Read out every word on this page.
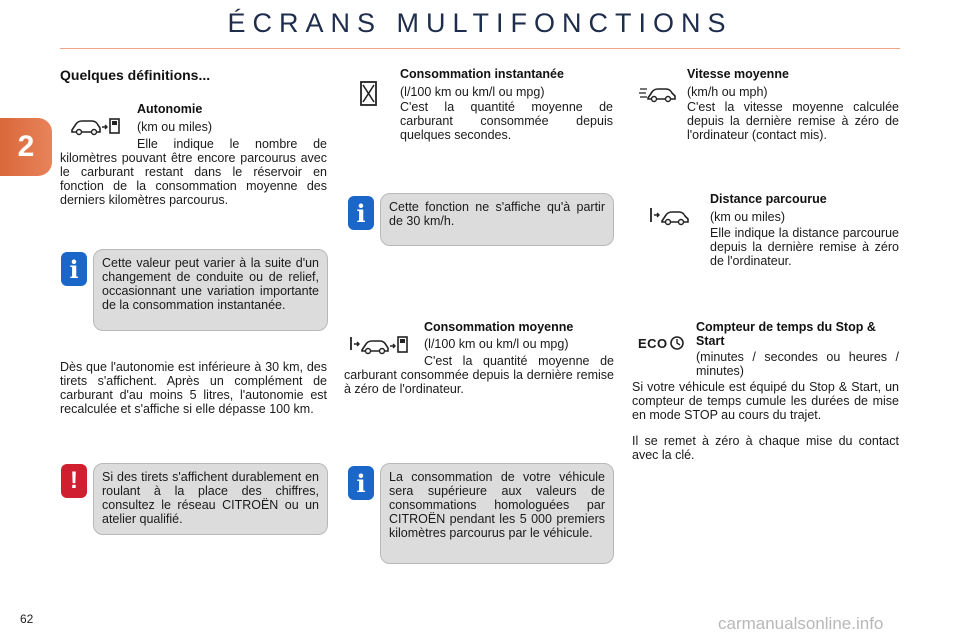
ÉCRANS MULTIFONCTIONS
2
Quelques définitions...
Autonomie
(km ou miles)
Elle indique le nombre de kilomètres pouvant être encore parcourus avec le carburant restant dans le réservoir en fonction de la consommation moyenne des derniers kilomètres parcourus.
i	Cette valeur peut varier à la suite d'un changement de conduite ou de relief, occasionnant une variation importante de la consommation instantanée.
Dès que l'autonomie est inférieure à 30 km, des tirets s'affichent. Après un complément de carburant d'au moins 5 litres, l'autonomie est recalculée et s'affiche si elle dépasse 100 km.
!	Si des tirets s'affichent durablement en roulant à la place des chiffres, consultez le réseau CITROËN ou un atelier qualifié.
Consommation instantanée
(l/100 km ou km/l ou mpg)
C'est la quantité moyenne de carburant consommée depuis quelques secondes.
i	Cette fonction ne s'affiche qu'à partir de 30 km/h.
Consommation moyenne
(l/100 km ou km/l ou mpg)
C'est la quantité moyenne de carburant consommée depuis la dernière remise à zéro de l'ordinateur.
i	La consommation de votre véhicule sera supérieure aux valeurs de consommations homologuées par CITROËN pendant les 5 000 premiers kilomètres parcourus par le véhicule.
Vitesse moyenne
(km/h ou mph)
C'est la vitesse moyenne calculée depuis la dernière remise à zéro de l'ordinateur (contact mis).
Distance parcourue
(km ou miles)
Elle indique la distance parcourue depuis la dernière remise à zéro de l'ordinateur.
ECO
Compteur de temps du Stop & Start
(minutes / secondes ou heures / minutes)
Si votre véhicule est équipé du Stop & Start, un compteur de temps cumule les durées de mise en mode STOP au cours du trajet.
Il se remet à zéro à chaque mise du contact avec la clé.
62	carmanualsonline.info
